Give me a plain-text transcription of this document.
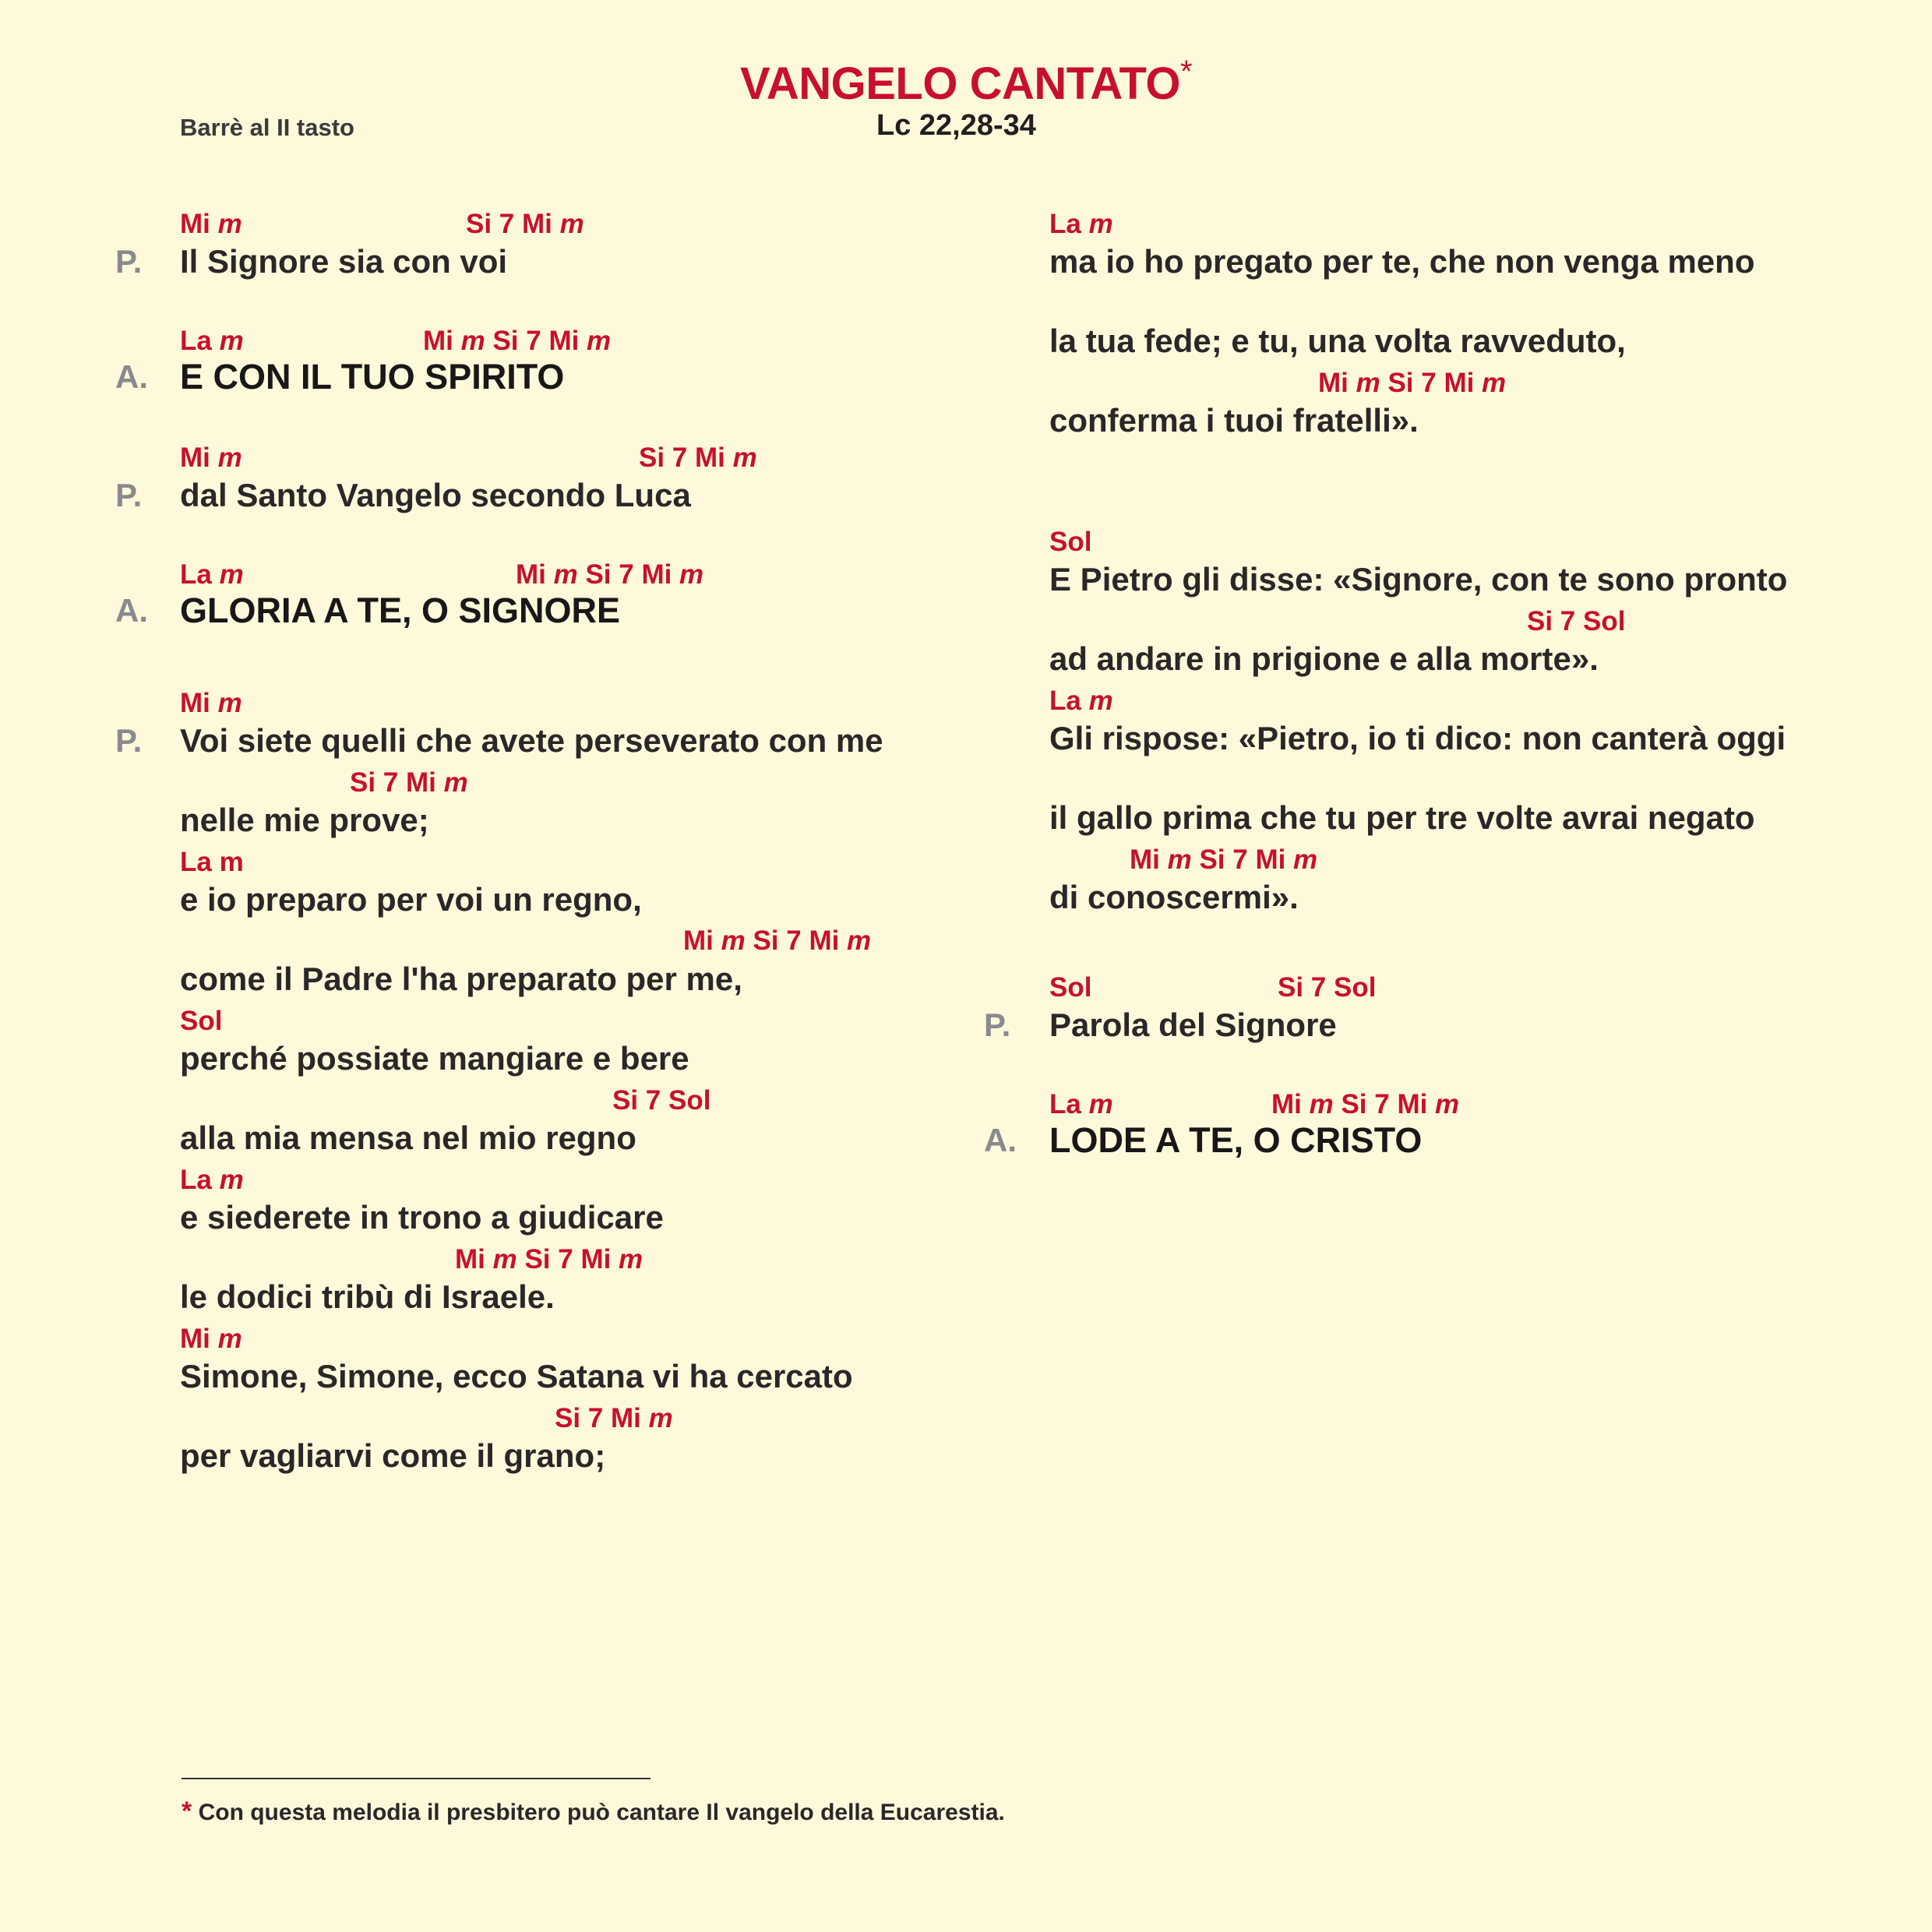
VANGELO CANTATO*
Lc 22,28-34
Barrè al II tasto
Mi m	Si 7 Mi m
P. Il Signore sia con voi
La m	Mi m Si 7 Mi m
A. E CON IL TUO SPIRITO
Mi m	Si 7 Mi m
P. dal Santo Vangelo secondo Luca
La m	Mi m Si 7 Mi m
A. GLORIA A TE, O SIGNORE
Mi m
P. Voi siete quelli che avete perseverato con me
Si 7 Mi m
nelle mie prove;
La m
e io preparo per voi un regno,
Mi m Si 7 Mi m
come il Padre l'ha preparato per me,
Sol
perché possiate mangiare e bere
Si 7 Sol
alla mia mensa nel mio regno
La m
e siederete in trono a giudicare
Mi m Si 7 Mi m
le dodici tribù di Israele.
Mi m
Simone, Simone, ecco Satana vi ha cercato
Si 7 Mi m
per vagliarvi come il grano;
La m
ma io ho pregato per te, che non venga meno
la tua fede; e tu, una volta ravveduto,
Mi m Si 7 Mi m
conferma i tuoi fratelli».
Sol
E Pietro gli disse: «Signore, con te sono pronto
Si 7 Sol
ad andare in prigione e alla morte».
La m
Gli rispose: «Pietro, io ti dico: non canterà oggi
il gallo prima che tu per tre volte avrai negato
Mi m Si 7 Mi m
di conoscermi».
Sol	Si 7 Sol
P. Parola del Signore
La m	Mi m Si 7 Mi m
A. LODE A TE, O CRISTO
* Con questa melodia il presbitero può cantare Il vangelo della Eucarestia.
